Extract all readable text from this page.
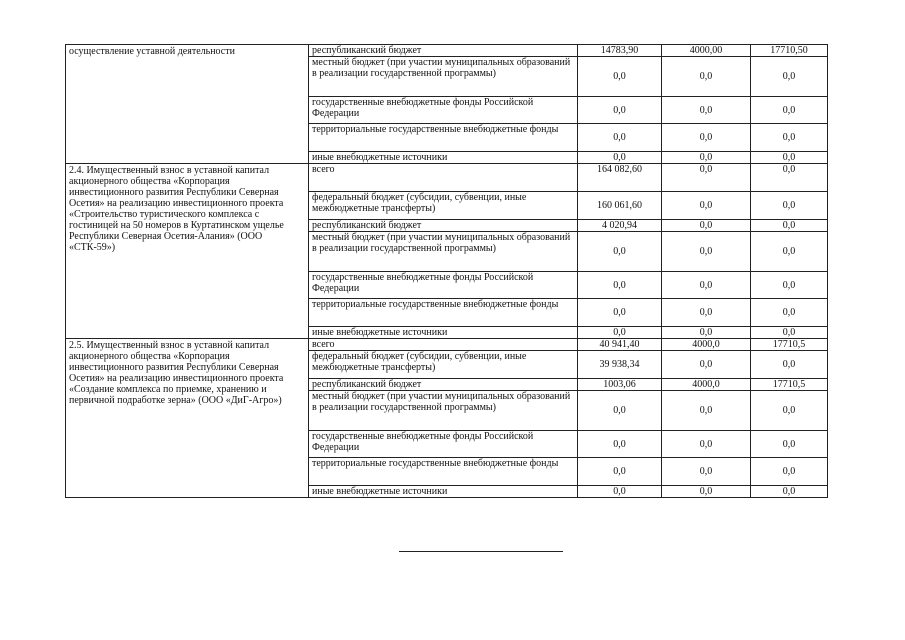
осуществление уставной деятельности	республиканский бюджет	14783,90	4000,00	17710,50
	местный бюджет (при участии муниципальных образований в реализации государственной программы)	0,0	0,0	0,0
	государственные внебюджетные фонды Российской Федерации	0,0	0,0	0,0
	территориальные государственные внебюджетные фонды	0,0	0,0	0,0
	иные внебюджетные источники	0,0	0,0	0,0
2.4. Имущественный взнос в уставной капитал акционерного общества «Корпорация инвестиционного развития Республики Северная Осетия» на реализацию инвестиционного проекта «Строительство туристического комплекса с гостиницей на 50 номеров в Куртатинском ущелье Республики Северная Осетия-Алания» (ООО «СТК-59»)	всего	164 082,60	0,0	0,0
	федеральный бюджет (субсидии, субвенции, иные межбюджетные трансферты)	160 061,60	0,0	0,0
	республиканский бюджет	4 020,94	0,0	0,0
	местный бюджет (при участии муниципальных образований в реализации государственной программы)	0,0	0,0	0,0
	государственные внебюджетные фонды Российской Федерации	0,0	0,0	0,0
	территориальные государственные внебюджетные фонды	0,0	0,0	0,0
	иные внебюджетные источники	0,0	0,0	0,0
2.5. Имущественный взнос в уставной капитал акционерного общества «Корпорация инвестиционного развития Республики Северная Осетия» на реализацию инвестиционного проекта «Создание комплекса по приемке, хранению и первичной подработке зерна» (ООО «ДиГ-Агро»)	всего	40 941,40	4000,0	17710,5
	федеральный бюджет (субсидии, субвенции, иные межбюджетные трансферты)	39 938,34	0,0	0,0
	республиканский бюджет	1003,06	4000,0	17710,5
	местный бюджет (при участии муниципальных образований в реализации государственной программы)	0,0	0,0	0,0
	государственные внебюджетные фонды Российской Федерации	0,0	0,0	0,0
	территориальные государственные внебюджетные фонды	0,0	0,0	0,0
	иные внебюджетные источники	0,0	0,0	0,0
